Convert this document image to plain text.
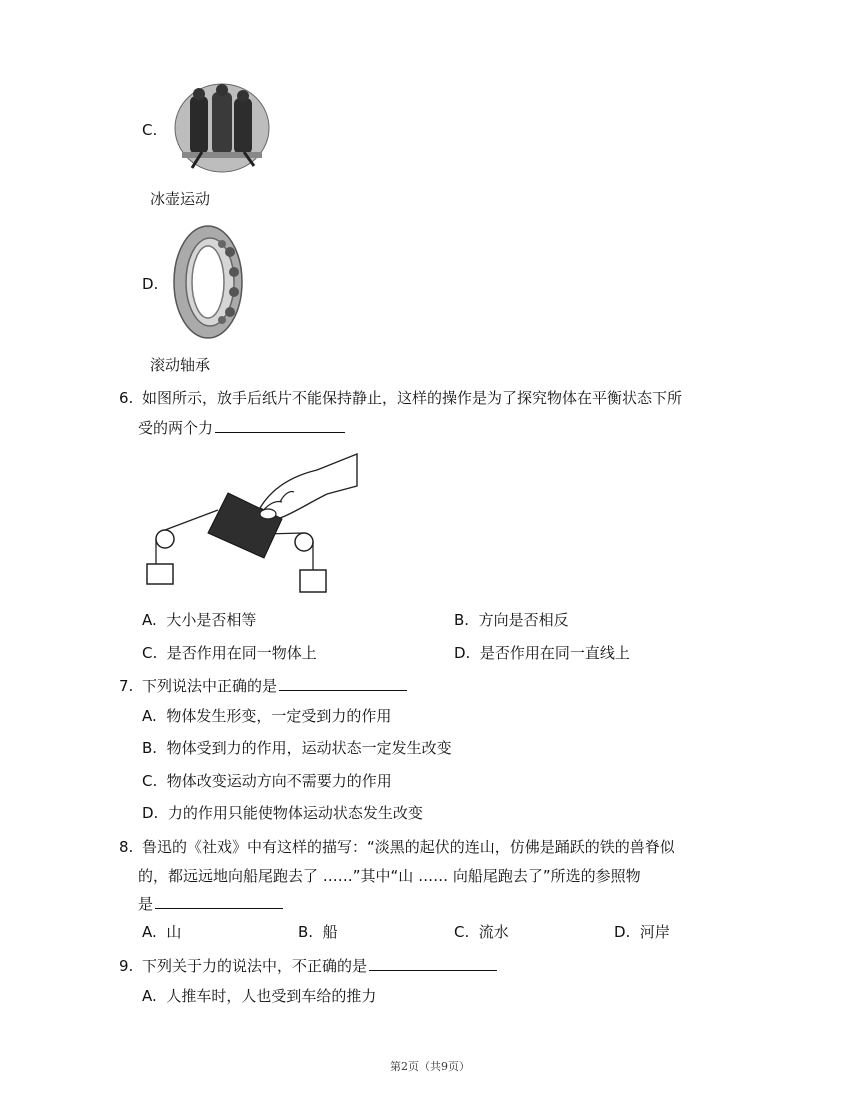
C.
冰壶运动
D.
滚动轴承
6. 如图所示，放手后纸片不能保持静止，这样的操作是为了探究物体在平衡状态下所
受的两个力
A. 大小是否相等	B. 方向是否相反
C. 是否作用在同一物体上	D. 是否作用在同一直线上
7. 下列说法中正确的是
A. 物体发生形变，一定受到力的作用
B. 物体受到力的作用，运动状态一定发生改变
C. 物体改变运动方向不需要力的作用
D. 力的作用只能使物体运动状态发生改变
8. 鲁迅的《社戏》中有这样的描写：“淡黑的起伏的连山，仿佛是踊跃的铁的兽脊似
的，都远远地向船尾跑去了 ……”其中“山 …… 向船尾跑去了”所选的参照物
是
A. 山	B. 船	C. 流水	D. 河岸
9. 下列关于力的说法中，不正确的是
A. 人推车时，人也受到车给的推力
第2页（共9页）
